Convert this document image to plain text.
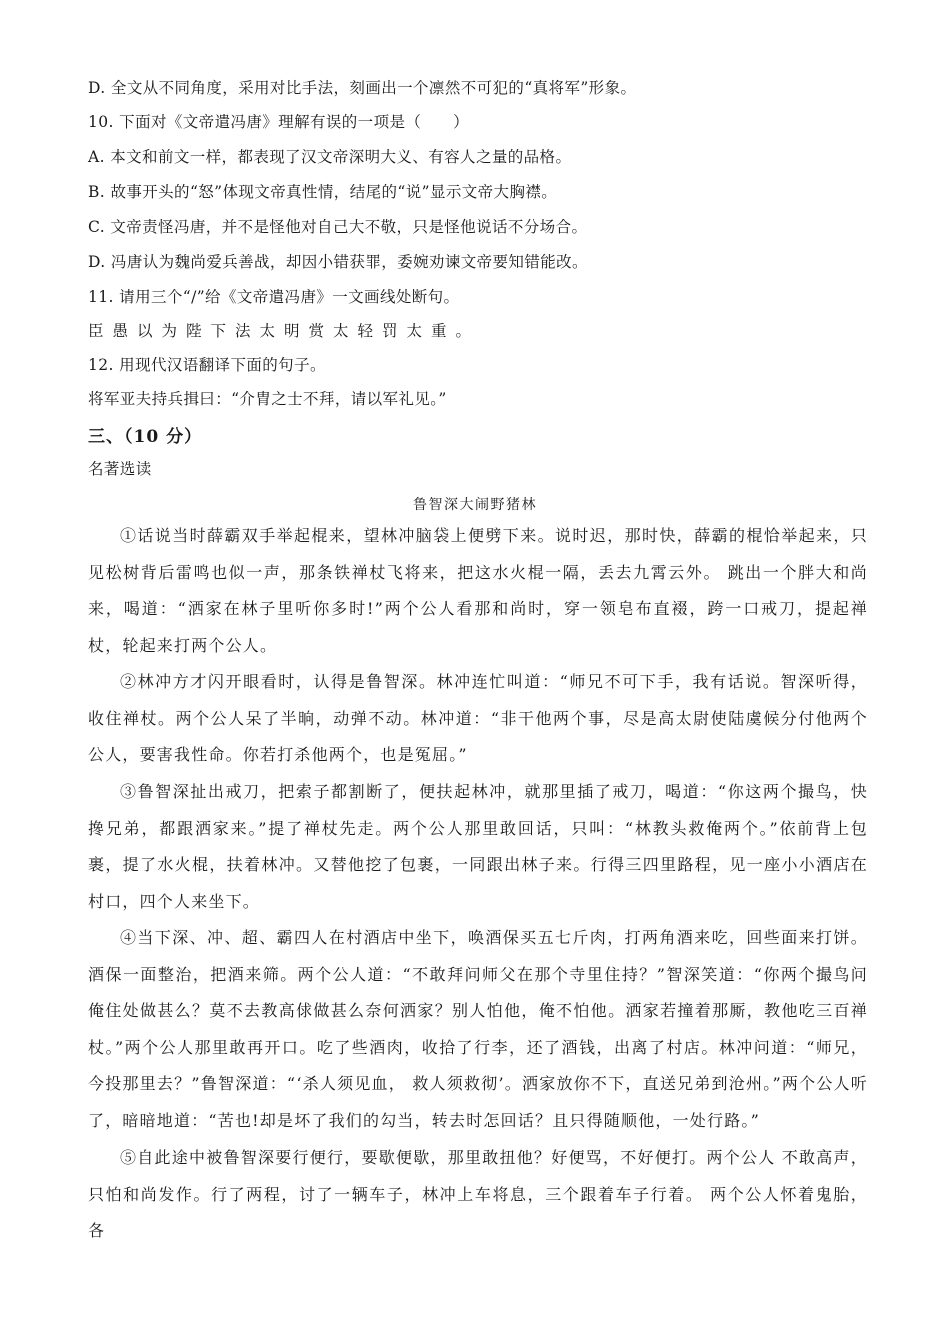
D. 全文从不同角度，采用对比手法，刻画出一个凛然不可犯的“真将军”形象。
10. 下面对《文帝遣冯唐》理解有误的一项是（　　）
A. 本文和前文一样，都表现了汉文帝深明大义、有容人之量的品格。
B. 故事开头的“怒”体现文帝真性情，结尾的“说”显示文帝大胸襟。
C. 文帝责怪冯唐，并不是怪他对自己大不敬，只是怪他说话不分场合。
D. 冯唐认为魏尚爱兵善战，却因小错获罪，委婉劝谏文帝要知错能改。
11. 请用三个“/”给《文帝遣冯唐》一文画线处断句。
臣愚以为陛下法太明赏太轻罚太重。
12. 用现代汉语翻译下面的句子。
将军亚夫持兵揖曰：“介胄之士不拜，请以军礼见。”
三、（10 分）
名著选读
鲁智深大闹野猪林
①话说当时薛霸双手举起棍来，望林冲脑袋上便劈下来。说时迟，那时快，薛霸的棍恰举起来，只见松树背后雷鸣也似一声，那条铁禅杖飞将来，把这水火棍一隔，丢去九霄云外。 跳出一个胖大和尚来，喝道：“洒家在林子里听你多时!”两个公人看那和尚时，穿一领皂布直裰，跨一口戒刀，提起禅杖，轮起来打两个公人。
②林冲方才闪开眼看时，认得是鲁智深。林冲连忙叫道：“师兄不可下手，我有话说。智深听得，收住禅杖。两个公人呆了半晌，动弹不动。林冲道：“非干他两个事，尽是高太尉使陆虞候分付他两个公人，要害我性命。你若打杀他两个，也是冤屈。”
③鲁智深扯出戒刀，把索子都割断了，便扶起林冲，就那里插了戒刀，喝道：“你这两个撮鸟，快搀兄弟，都跟洒家来。”提了禅杖先走。两个公人那里敢回话，只叫：“林教头救俺两个。”依前背上包裹，提了水火棍，扶着林冲。又替他挖了包裹，一同跟出林子来。行得三四里路程，见一座小小酒店在村口，四个人来坐下。
④当下深、冲、超、霸四人在村酒店中坐下，唤酒保买五七斤肉，打两角酒来吃，回些面来打饼。酒保一面整治，把酒来筛。两个公人道：“不敢拜问师父在那个寺里住持？”智深笑道：“你两个撮鸟问俺住处做甚么？莫不去教高俅做甚么奈何洒家？别人怕他，俺不怕他。洒家若撞着那厮，教他吃三百禅杖。”两个公人那里敢再开口。吃了些酒肉，收拾了行李，还了酒钱，出离了村店。林冲问道：“师兄，今投那里去？”鲁智深道：“‘杀人须见血， 救人须救彻’。洒家放你不下，直送兄弟到沧州。”两个公人听了，暗暗地道：“苦也!却是坏了我们的勾当，转去时怎回话？且只得随顺他，一处行路。”
⑤自此途中被鲁智深要行便行，要歇便歇，那里敢扭他？好便骂，不好便打。两个公人 不敢高声，只怕和尚发作。行了两程，讨了一辆车子，林冲上车将息，三个跟着车子行着。 两个公人怀着鬼胎，各
